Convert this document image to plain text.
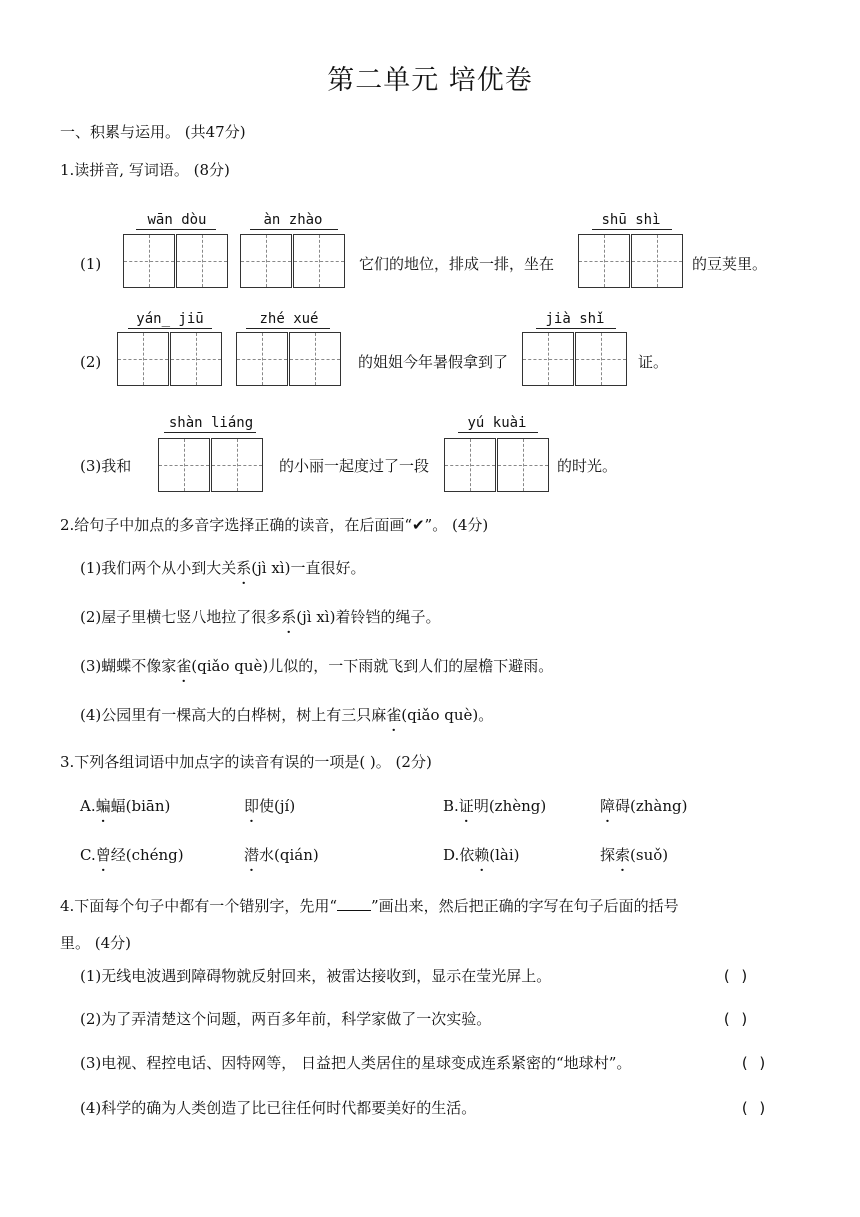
第二单元 培优卷
一、积累与运用。 (共47分)
1.读拼音, 写词语。 (8分)
wān dòu	àn zhào	shū shì
(1)	它们的地位，排成一排，坐在	的豆荚里。
yán_ jiū	zhé xué	jià shǐ
(2)	的姐姐今年暑假拿到了	证。
shàn liáng	yú kuài
(3)我和	的小丽一起度过了一段	的时光。
2.给句子中加点的多音字选择正确的读音，在后面画“✔”。 (4分)
(1)我们两个从小到大关系(jì xì)一直很好。
(2)屋子里横七竖八地拉了很多系(jì xì)着铃铛的绳子。
(3)蝴蝶不像家雀(qiǎo què)儿似的，一下雨就飞到人们的屋檐下避雨。
(4)公园里有一棵高大的白桦树，树上有三只麻雀(qiǎo què)。
3.下列各组词语中加点字的读音有误的一项是( )。 (2分)
A.蝙蝠(biān)	即使(jí)	B.证明(zhèng)	障碍(zhàng)
C.曾经(chéng)	潜水(qián)	D.依赖(lài)	探索(suǒ)
4.下面每个句子中都有一个错别字，先用“ ”画出来，然后把正确的字写在句子后面的括号
里。 (4分)
(1)无线电波遇到障碍物就反射回来，被雷达接收到，显示在莹光屏上。	( )
(2)为了弄清楚这个问题，两百多年前，科学家做了一次实验。	( )
(3)电视、程控电话、因特网等， 日益把人类居住的星球变成连系紧密的“地球村”。	( )
(4)科学的确为人类创造了比已往任何时代都要美好的生活。	( )
